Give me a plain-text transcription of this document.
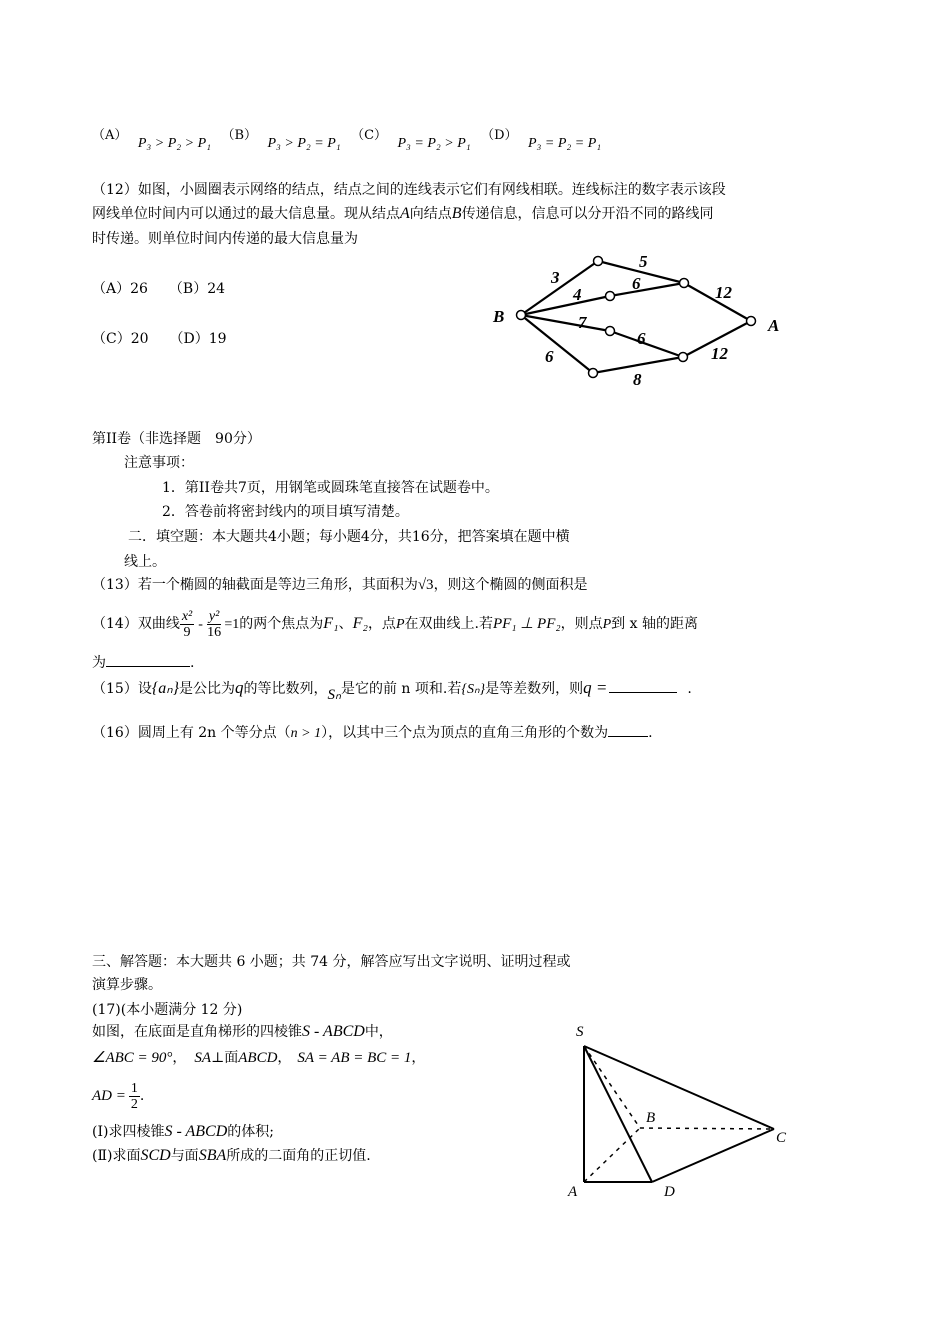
（A） P₃ > P₂ > P₁ （B） P₃ > P₂ = P₁ （C） P₃ = P₂ > P₁ （D） P₃ = P₂ = P₁
（12）如图，小圆圈表示网络的结点，结点之间的连线表示它们有网线相联。连线标注的数字表示该段
网线单位时间内可以通过的最大信息量。现从结点A向结点B传递信息，信息可以分开沿不同的路线同
时传递。则单位时间内传递的最大信息量为
（A）26　　（B）24
（C）20　　（D）19
B	A
3
5
12
4
6
7
6
12
6
8
第II卷（非选择题　90分）
注意事项：
1．第II卷共7页，用钢笔或圆珠笔直接答在试题卷中。
2．答卷前将密封线内的项目填写清楚。
二．填空题：本大题共4小题；每小题4分，共16分，把答案填在题中横
线上。
（13）若一个椭圆的轴截面是等边三角形，其面积为√3，则这个椭圆的侧面积是
（14）双曲线 $\frac{\text{x²}}{9} - \frac{\text{y²}}{16} =1$的两个焦点为F₁、F₂，点P在双曲线上.若PF₁ ⊥ PF₂，则点P到 x 轴的距离
为	.
（15）设{aₙ}是公比为q的等比数列，Sₙ是它的前 n 项和.若{Sₙ}是等差数列，则q =	.
（16）圆周上有 2n 个等分点（n > 1），以其中三个点为顶点的直角三角形的个数为	.
三、解答题：本大题共 6 小题；共 74 分，解答应写出文字说明、证明过程或
演算步骤。
(17)(本小题满分 12 分)
如图，在底面是直角梯形的四棱锥S - ABCD中，
∠ABC = 90°， SA⊥面ABCD， SA = AB = BC = 1，
AD = $\frac{1}{2}$ .
(Ⅰ)求四棱锥S - ABCD的体积;
(Ⅱ)求面SCD与面SBA所成的二面角的正切值.
S
A
B
C
D
